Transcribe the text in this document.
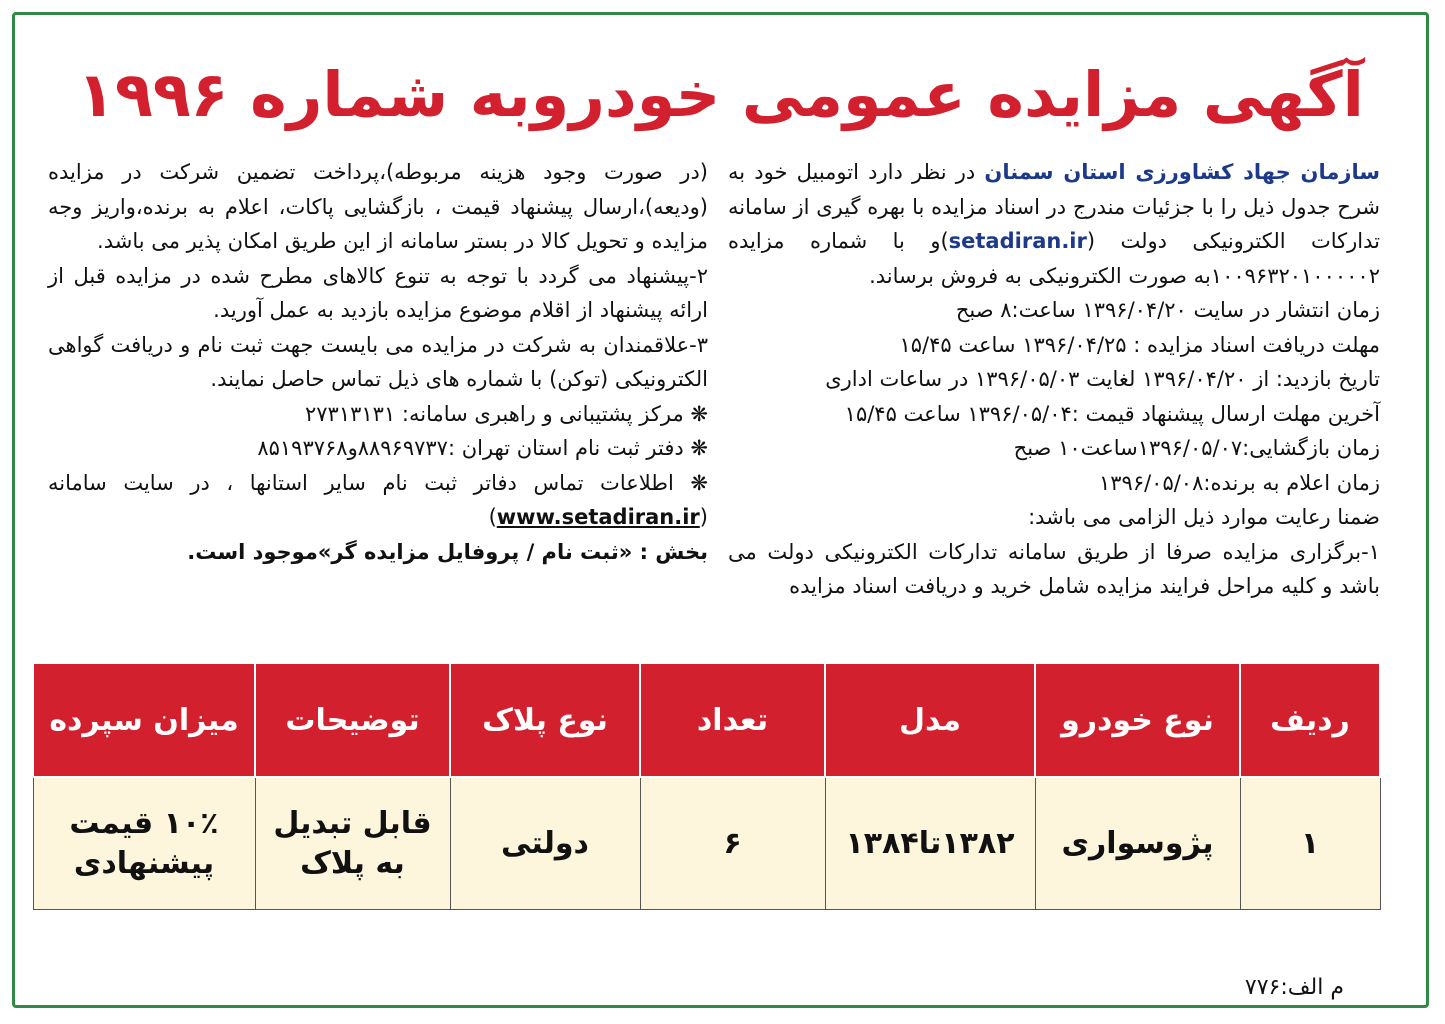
آگهی مزایده عمومی خودروبه شماره ۱۹۹۶

سازمان جهاد کشاورزی استان سمنان در نظر دارد اتومبیل خود به شرح جدول ذیل را با جزئیات مندرج در اسناد مزایده با بهره گیری از سامانه تدارکات الکترونیکی دولت (setadiran.ir)و با شماره مزایده ۱۰۰۹۶۳۲۰۱۰۰۰۰۰۲به صورت الکترونیکی به فروش برساند.

زمان انتشار در سایت ۱۳۹۶/۰۴/۲۰ ساعت:۸ صبح

مهلت دریافت اسناد مزایده : ۱۳۹۶/۰۴/۲۵ ساعت ۱۵/۴۵

تاریخ بازدید: از ۱۳۹۶/۰۴/۲۰ لغایت ۱۳۹۶/۰۵/۰۳ در ساعات اداری

آخرین مهلت ارسال پیشنهاد قیمت :۱۳۹۶/۰۵/۰۴ ساعت ۱۵/۴۵

زمان بازگشایی:۱۳۹۶/۰۵/۰۷ساعت۱۰ صبح

زمان اعلام به برنده:۱۳۹۶/۰۵/۰۸

ضمنا رعایت موارد ذیل الزامی می باشد:

۱-برگزاری مزایده صرفا از طریق سامانه تدارکات الکترونیکی دولت می باشد و کلیه مراحل فرایند مزایده شامل خرید و دریافت اسناد مزایده

(در صورت وجود هزینه مربوطه)،پرداخت تضمین شرکت در مزایده (ودیعه)،ارسال پیشنهاد قیمت ، بازگشایی پاکات، اعلام به برنده،واریز وجه مزایده و تحویل کالا در بستر سامانه از این طریق امکان پذیر می باشد.

۲-پیشنهاد می گردد با توجه به تنوع کالاهای مطرح شده در مزایده قبل از ارائه پیشنهاد از اقلام موضوع مزایده بازدید به عمل آورید.

۳-علاقمندان به شرکت در مزایده می بایست جهت ثبت نام و دریافت گواهی الکترونیکی (توکن) با شماره های ذیل تماس حاصل نمایند.

❋ مرکز پشتیبانی و راهبری سامانه: ۲۷۳۱۳۱۳۱

❋ دفتر ثبت نام استان تهران :۸۸۹۶۹۷۳۷و۸۵۱۹۳۷۶۸

❋ اطلاعات تماس دفاتر ثبت نام سایر استانها ، در سایت سامانه (www.setadiran.ir)

بخش : «ثبت نام / پروفایل مزایده گر»موجود است.

م الف:۷۷۶
ردیف	نوع خودرو	مدل	تعداد	نوع پلاک	توضیحات	میزان سپرده
۱	پژوسواری	۱۳۸۲تا۱۳۸۴	۶	دولتی	قابل تبدیل به پلاک	۱۰٪ قیمت پیشنهادی
